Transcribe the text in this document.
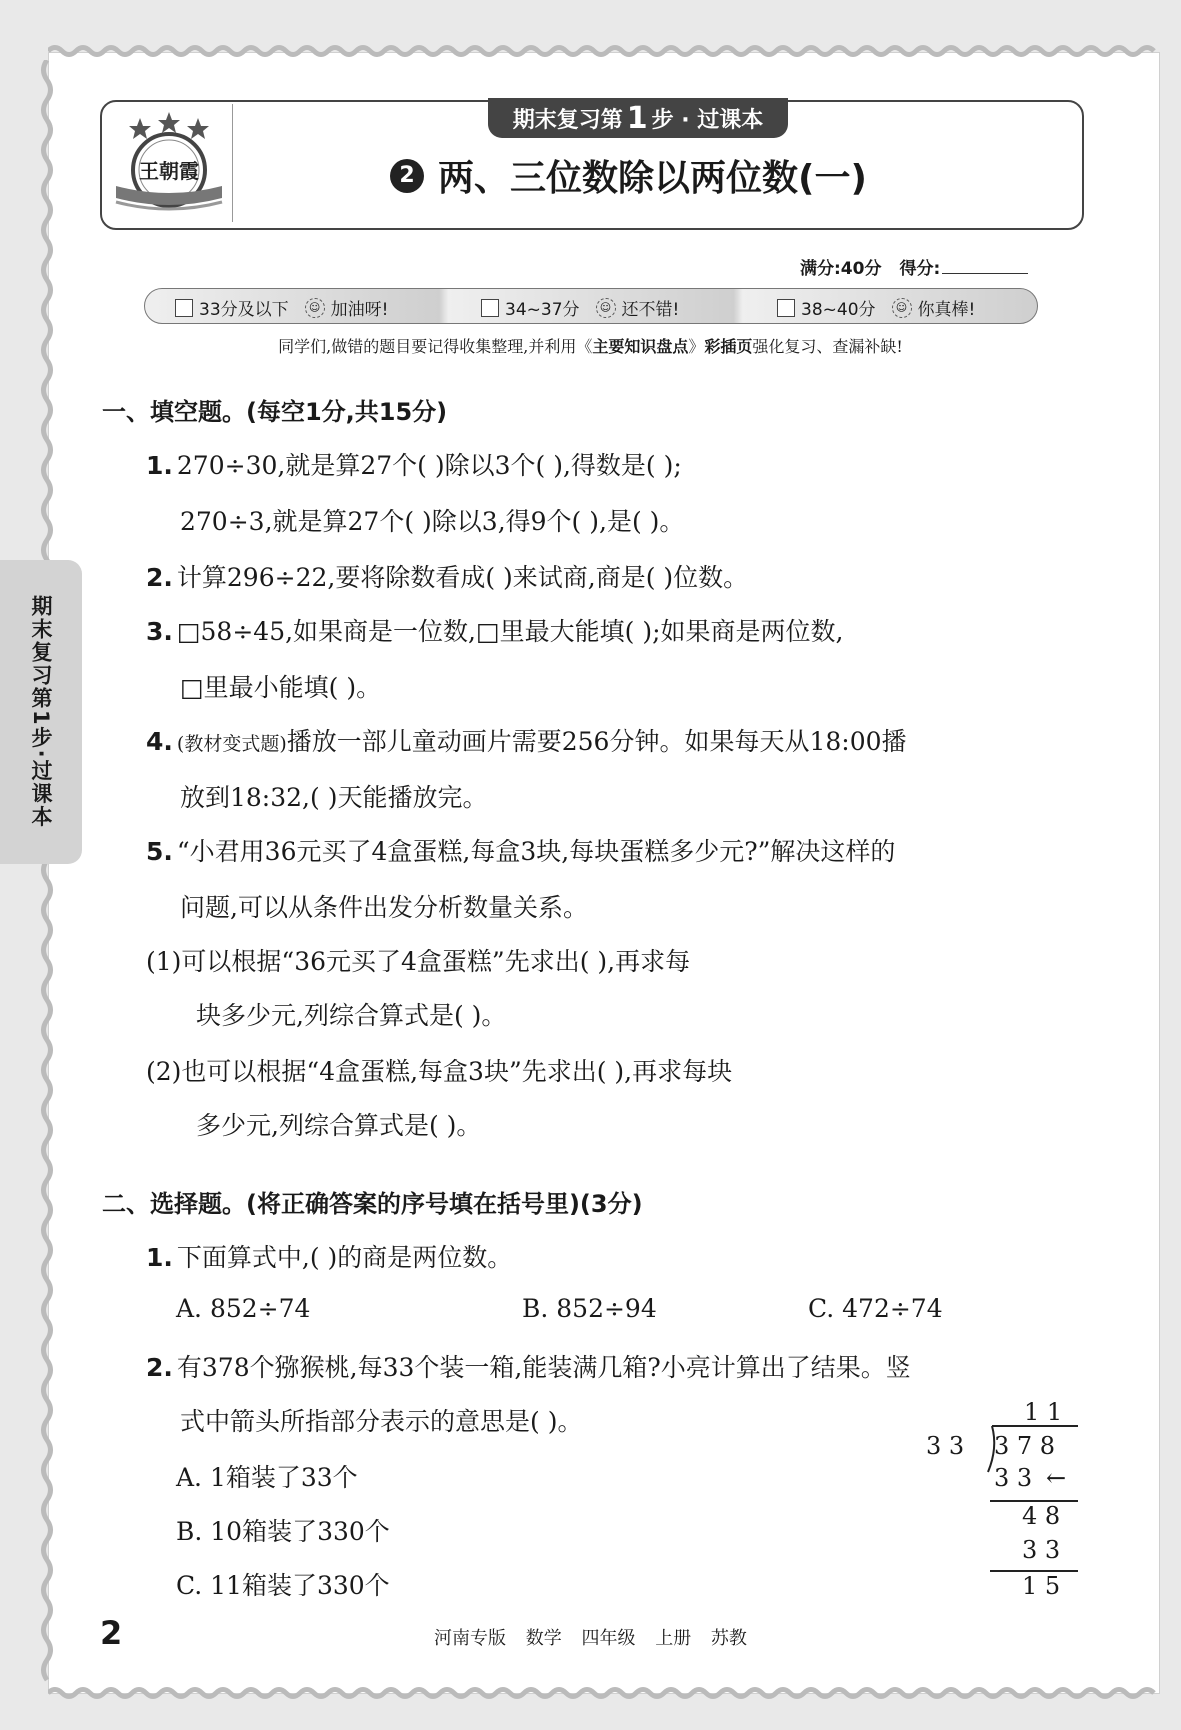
王朝霞
期末复习第 1 步 · 过课本
2 两、三位数除以两位数(一)
满分:40分 得分:
33分及以下	☺ 加油呀!	34~37分	☺ 还不错!	38~40分	☺ 你真棒!
同学们,做错的题目要记得收集整理,并利用《主要知识盘点》彩插页强化复习、查漏补缺!
期末复习第1步·过课本
一、填空题。(每空1分,共15分)
1. 270÷30,就是算27个( )除以3个( ),得数是( );
270÷3,就是算27个( )除以3,得9个( ),是( )。
2. 计算296÷22,要将除数看成( )来试商,商是( )位数。
3. □58÷45,如果商是一位数,□里最大能填( );如果商是两位数,
□里最小能填( )。
4. (教材变式题)播放一部儿童动画片需要256分钟。如果每天从18:00播
放到18:32,( )天能播放完。
5. “小君用36元买了4盒蛋糕,每盒3块,每块蛋糕多少元?”解决这样的
问题,可以从条件出发分析数量关系。
(1)可以根据“36元买了4盒蛋糕”先求出( ),再求每
块多少元,列综合算式是( )。
(2)也可以根据“4盒蛋糕,每盒3块”先求出( ),再求每块
多少元,列综合算式是( )。
二、选择题。(将正确答案的序号填在括号里)(3分)
1. 下面算式中,( )的商是两位数。
A. 852÷74	B. 852÷94	C. 472÷74
2. 有378个猕猴桃,每33个装一箱,能装满几箱?小亮计算出了结果。竖
式中箭头所指部分表示的意思是( )。
A. 1箱装了33个
B. 10箱装了330个
C. 11箱装了330个
1 1
3 3 3 7 8
3 3 ←
4 8
3 3
1 5
2	河南专版 数学 四年级 上册 苏教
